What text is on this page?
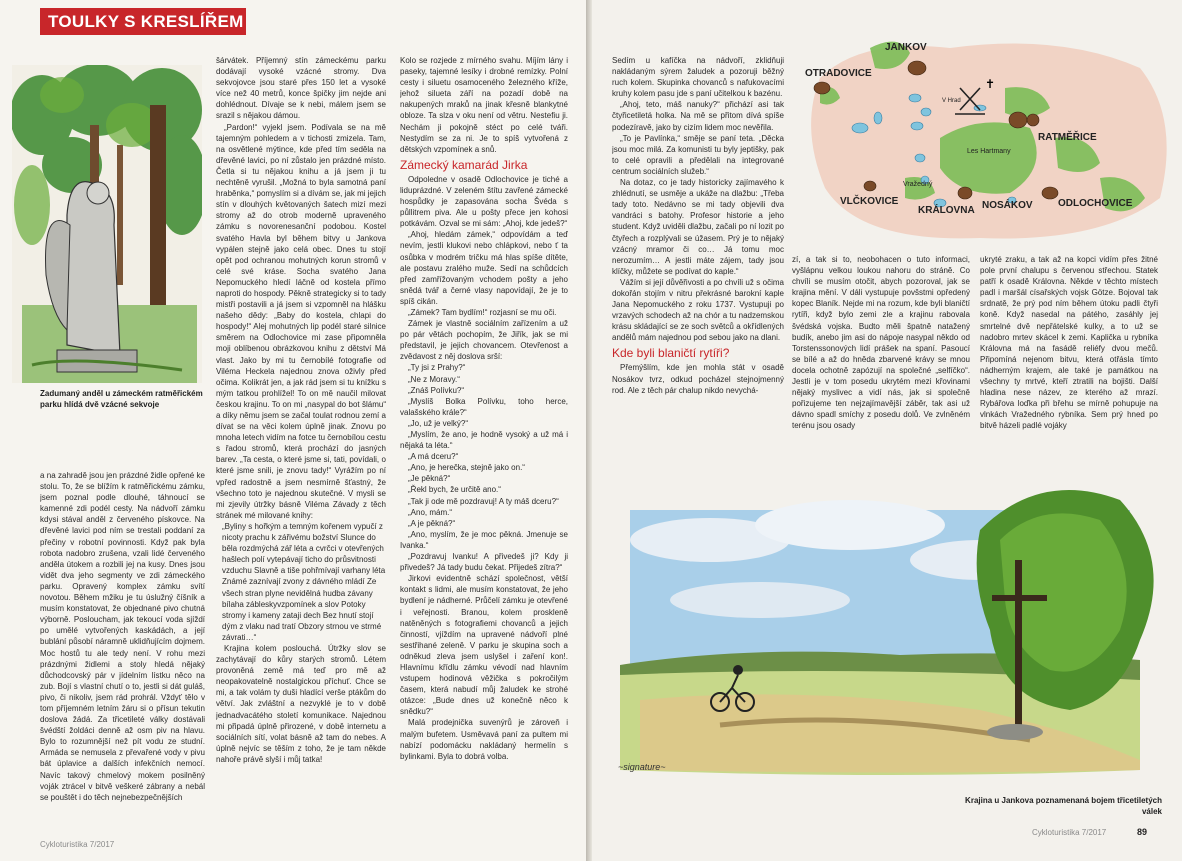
TOULKY S KRESLÍŘEM
Zadumaný anděl u zámeckém ratměřickém parku hlídá dvě vzácné sekvoje

a na zahradě jsou jen prázdné židle opřené ke stolu. To, že se blížím k ratměřickému zámku, jsem poznal podle dlouhé, táhnoucí se kamenné zdi podél cesty. Na nádvoří zámku kdysi stával anděl z červeného pískovce. Na dřevěné lavici pod ním se trestali poddaní za přečiny v robotní povinnosti. Když pak byla robota nadobro zrušena, vzali lidé červeného anděla útokem a rozbili jej na kusy. Dnes jsou vidět dva jeho segmenty ve zdi zámeckého parku. Opravený komplex zámku svítí novotou. Během mžiku je tu úslužný číšník a musím konstatovat, že objednané pivo chutná výborně. Posloucham, jak tekoucí voda sjíždí po umělé vytvořených kaskádách, a její bublání působí náramně uklidňujícím dojmem. Moc hostů tu ale tedy není. V rohu mezi prázdnými židlemi a stoly hledá nějaký důchodcovský pár v jídelním lístku něco na zub. Bojí s vlastní chutí o to, jestli si dát guláš, pivo, či nikoliv, jsem rád prohrál. Vždyť tělo v tom příjemném letním žáru si o přísun tekutin doslova žádá. Za třicetileté války dostávali švédští žoldáci denně až osm piv na hlavu. Bylo to rozumnější než pít vodu ze studní. Armáda se nemusela z převařené vody v pivu bát úplavice a dalších infekčních nemocí. Navíc takový chmelový mokem posilněný voják ztrácel v bitvě veškeré zábrany a nebál se pouštět i do těch nejnebezpečnějších

šárvátek. Příjemný stín zámeckému parku dodávají vysoké vzácné stromy. Dva sekvojovce jsou staré přes 150 let a vysoké více než 40 metrů, konce špičky jim nejde ani dohlédnout. Dívaje se k nebi, málem jsem se srazil s nějakou dámou.

„Pardon!“ vyjekl jsem. Podívala se na mě tajemným pohledem a v tichosti zmizela. Tam, na osvětlené mýtince, kde před tím seděla na dřevěné lavici, po ní zůstalo jen prázdné místo. Četla si tu nějakou knihu a já jsem ji tu nechtěně vyrušil. „Možná to byla samotná paní hraběnka,“ pomyslím si a dívám se, jak mi jejich stín v dlouhých květovaných šatech mizí mezi stromy až do otrob moderně upraveného zámku s novorenesanční podobou. Kostel svatého Havla byl během bitvy u Jankova vypálen stejně jako celá obec. Dnes tu stojí opět pod ochranou mohutných korun stromů v celé své kráse. Socha svatého Jana Nepomuckého hledí láčně od kostela přímo naproti do hospody. Pěkně strategicky si to tady mistři postavili a já jsem si vzpomněl na hlášku našeho dědy: „Baby do kostela, chlapi do hospody!“ Alej mohutných lip podél staré silnice směrem na Odlochovice mi zase připomněla moji oblíbenou obrázkovou knihu z dětství Má vlast. Jako by mi tu černobílé fotografie od Viléma Heckela najednou znova oživly před očima. Kolikrát jen, a jak rád jsem si tu knížku s mým tatkou prohlížel! To on mě naučil milovat českou krajinu. To on mi „nasypal do bot šlámu“ a díky němu jsem se začal toulat rodnou zemí a dívat se na věci kolem úplně jinak. Znovu po mnoha letech vidím na fotce tu černobílou cestu s řadou stromů, která prochází do jasných barev. „Ta cesta, o které jsme si, tati, povídali, o které jsme snili, je znovu tady!“ Vyrážím po ní vpřed radostně a jsem nesmírně šťastný, že všechno toto je najednou skutečné. V mysli se mi zjevily útržky básně Viléma Závady z těch stránek mé milované knihy:

„Byliny s hořkým a temným kořenem vypučí z nicoty prachu k zářivému božství Slunce do běla rozdmýchá zář léta a cvrčci v otevřených hašlech polí vytepávají ticho do průsvitnosti vzduchu Slavně a tiše pohřmívají varhany léta Známé zaznívají zvony z dávného mládí Ze všech stran plyne nevidělná hudba závany bílaha zábleskyvzpomínek a slov Potoky stromy i kameny zataji dech Bez hnutí stojí dým z vlaku nad tratí Obzory strnou ve strmé závrati…“

Krajina kolem poslouchá. Útržky slov se zachytávají do kůry starých stromů. Létem provoněná země má teď pro mě až neopakovatelně nostalgickou příchuť. Chce se mi, a tak volám ty duši hladící verše ptákům do větví. Jak zvláštní a nezvyklé je to v době jednadvacátého století komunikace. Najednou mi připadá úplně přirozené, v době internetu a sociálních sítí, volat básně až tam do nebes. A úplně nejvíc se těším z toho, že je tam někde nahoře právě slyší i můj tatka!

Kolo se rozjede z mírného svahu. Míjím lány i paseky, tajemné lesíky i drobné remízky. Polní cesty i siluetu osamoceného železného kříže, jehož silueta září na pozadí době na nakupených mraků na jinak křesně blankytné obloze. Ta slza v oku není od větru. Nestefiu ji. Nechám ji pokojně stéct po celé tváři. Nestydím se za ni. Je to spíš vytvořená z dětských vzpomínek a snů.

Zámecký kamarád Jirka

Odpoledne v osadě Odlochovice je tiché a liduprázdné. V zeleném štítu zavřené zámecké hospůdky je zapasována socha Švéda s půllitrem piva. Ale u pošty přece jen kohosi potkávám. Ozval se mi sám: „Ahoj, kde jedeš?“

„Ahoj, hledám zámek,“ odpovídám a teď nevím, jestli klukovi nebo chlápkovi, nebo ť ta osůbka v modrém tričku má hlas spíše dítěte, ale postavu zralého muže. Sedí na schůdcích před zamřížovaným vchodem pošty a jeho snědá tvář a černé vlasy napovídají, že je to spíš cikán.

„Zámek? Tam bydlím!“ rozjasní se mu oči.

Zámek je vlastně sociálním zařízením a už po pár větách pochopím, že Jiřík, jak se mi představil, je jejich chovancem. Otevřenost a zvědavost z něj doslova srší:

„Ty jsi z Prahy?“

„Ne z Moravy.“

„Znáš Polívku?“

„Myslíš Bolka Polívku, toho herce, valašského krále?“

„Jo, už je velký?“

„Myslím, že ano, je hodně vysoký a už má i nějaká ta léta.“

„A má dceru?“

„Ano, je herečka, stejně jako on.“

„Je pěkná?“

„Řekl bych, že určitě ano.“

„Tak ji ode mě pozdravuj! A ty máš dceru?“

„Ano, mám.“

„A je pěkná?“

„Ano, myslím, že je moc pěkná. Jmenuje se Ivanka.“

„Pozdravuj Ivanku! A přivedeš ji? Kdy ji přivedeš? Já tady budu čekat. Přijedeš zítra?“

Jirkovi evidentně schází společnost, větší kontakt s lidmi, ale musím konstatovat, že jeho bydlení je nádherné. Průčelí zámku je otevřené i veřejnosti. Branou, kolem proskleně natěněných s fotografiemi chovanců a jejich činností, vjíždím na upravené nádvoří plné sestřihané zeleně. V parku je skupina soch a odněkud zleva jsem uslyšel i zaření kon!. Hlavnímu křídlu zámku vévodí nad hlavním vstupem hodinová věžička s pokročilým časem, která nabudí můj žaludek ke strohé otázce: „Bude dnes už konečně něco k snědku?“

Malá prodejnička suvenýrů je zároveň i malým bufetem. Usměvavá paní za pultem mi nabízí podomácku nakládaný hermelín s bylinkami. Byla to dobrá volba.

Cykloturistika 7/2017

Sedím u kafíčka na nádvoří, zklidňuji nakládaným sýrem žaludek a pozoruji běžný ruch kolem. Skupinka chovanců s nafukovacími kruhy kolem pasu jde s paní učitelkou k bazénu.

„Ahoj, teto, máš nanuky?“ přichází asi tak čtyřicetiletá holka. Na mě se přitom dívá spíše podezíravě, jako by cizím lidem moc nevěřila.

„To je Pavlínka,“ směje se paní teta. „Děcka jsou moc milá. Za komunisti tu byly jeptišky, pak to celé opravili a předělali na integrované centrum sociálních služeb.“

Na dotaz, co je tady historicky zajímavého k zhlédnutí, se usměje a ukáže na dlažbu: „Třeba tady toto. Nedávno se mi tady objevili dva vandráci s batohy. Profesor historie a jeho student. Když uviděli dlažbu, začali po ní lozit po čtyřech a rozplývali se úžasem. Prý je to nějaký vzácný mramor či co… Já tomu moc nerozumím… A jestli máte zájem, tady jsou klíčky, můžete se podívat do kaple.“

Vážím si její důvěřivosti a po chvíli už s očima dokořán stojím v nitru překrásné barokní kaple Jana Nepomuckého z roku 1737. Vystupuji po vrzavých schodech až na chór a tu nadzemskou krásu skládající se ze soch světců a okřídlených andělů mám najednou pod sebou jako na dlani.

Kde byli blaničtí rytíři?

Přemýšlím, kde jen mohla stát v osadě Nosákov tvrz, odkud pocházel stejnojmenný rod. Ale z těch pár chalup nikdo nevychá-

JANKOV
OTRADOVICE
V Hrad
RATMĚŘICE
Les Hartmany
VLČKOVICE
Vražedný
KRÁLOVNA NOSÁKOV	ODLOCHOVICE
✝

zí, a tak si to, neobohacen o tuto informaci, vyšlápnu velkou loukou nahoru do stráně. Co chvíli se musím otočit, abych pozoroval, jak se krajina mění. V dáli vystupuje povšstmi opředený kopec Blaník. Nejde mi na rozum, kde byli blaničtí rytíři, když bylo zemi zle a krajinu rabovala švédská vojska. Budto měli špatně natažený budík, anebo jim asi do nápoje nasypal někdo od Torstenssonových lidí prášek na spaní. Pasoucí se bílé a až do hněda zbarvené krávy se mnou docela ochotně zapózují na společné „selfíčko“. Jestli je v tom posedu ukrytém mezi křovinami nějaký myslivec a vidí nás, jak si společně pořizujeme ten nejzajímavější záběr, tak asi už dávno spadl smíchy z posedu dolů. Ve zvlněném terénu jsou osady

ukryté zraku, a tak až na kopci vidím přes žitné pole první chalupu s červenou střechou. Statek patří k osadě Královna. Někde v těchto místech padl i maršál císařských vojsk Götze. Bojoval tak srdnatě, že prý pod ním během útoku padli čtyři koně. Když nasedal na pátého, zasáhly jej smrtelné dvě nepřátelské kulky, a to už se nadobro mrtev skácel k zemi. Kaplička u rybníka Královna má na fasádě reliéfy dvou mečů. Připomíná nejenom bitvu, která otřásla tímto nádherným krajem, ale také je památkou na všechny ty mrtvé, kteří ztratili na bojišti. Další hladina nese název, ze kterého až mrazí. Rybářova loďka při břehu se mírně pohupuje na vlnkách Vražedného rybníka. Sem prý hned po bitvě házeli padlé vojáky

~signature~
Krajina u Jankova poznamenaná bojem třicetiletých válek
Cykloturistika 7/2017	89
